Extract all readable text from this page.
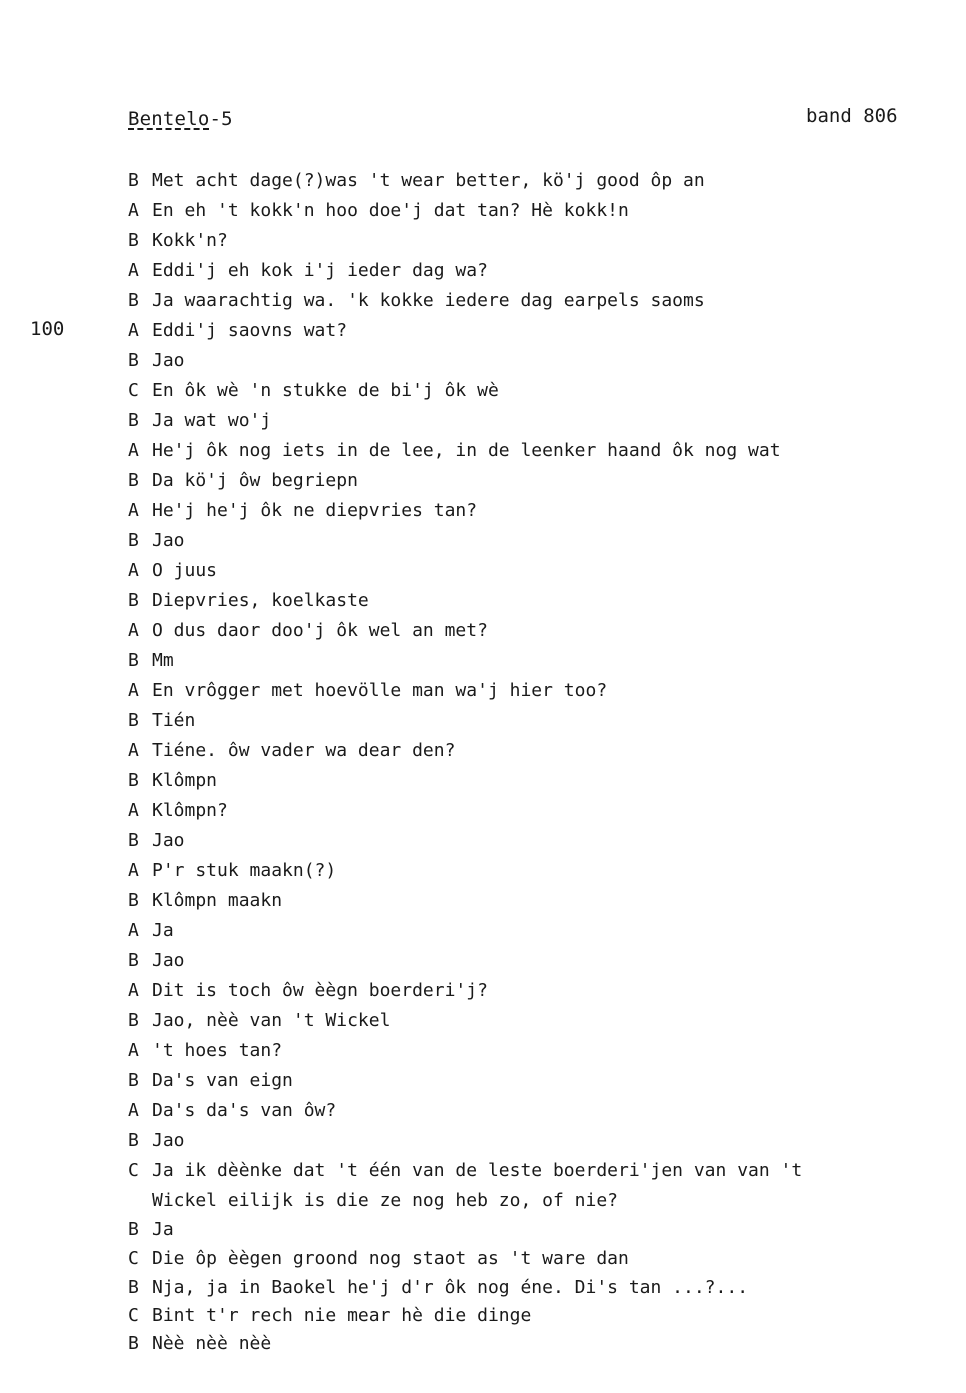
Bentelo-5	band 806
100
B Met acht dage(?)was 't wear better, kö'j good ôp an
A En eh 't kokk'n hoo doe'j dat tan? Hè kokk!n
B Kokk'n?
A Eddi'j eh kok i'j ieder dag wa?
B Ja waarachtig wa. 'k kokke iedere dag earpels saoms
A Eddi'j saovns wat?
B Jao
C En ôk wè 'n stukke de bi'j ôk wè
B Ja wat wo'j
A He'j ôk nog iets in de lee, in de leenker haand ôk nog wat
B Da kö'j ôw begriepn
A He'j he'j ôk ne diepvries tan?
B Jao
A O juus
B Diepvries, koelkaste
A O dus daor doo'j ôk wel an met?
B Mm
A En vrôgger met hoevölle man wa'j hier too?
B Tién
A Tiéne. ôw vader wa dear den?
B Klômpn
A Klômpn?
B Jao
A P'r stuk maakn(?)
B Klômpn maakn
A Ja
B Jao
A Dit is toch ôw èègn boerderi'j?
B Jao, nèè van 't Wickel
A 't hoes tan?
B Da's van eign
A Da's da's van ôw?
B Jao
C Ja ik dèènke dat 't één van de leste boerderi'jen van van 't
Wickel eilijk is die ze nog heb zo, of nie?
B Ja
C Die ôp èègen groond nog staot as 't ware dan
B Nja, ja in Baokel he'j d'r ôk nog éne. Di's tan ...?...
C Bint t'r rech nie mear hè die dinge
B Nèè nèè nèè
